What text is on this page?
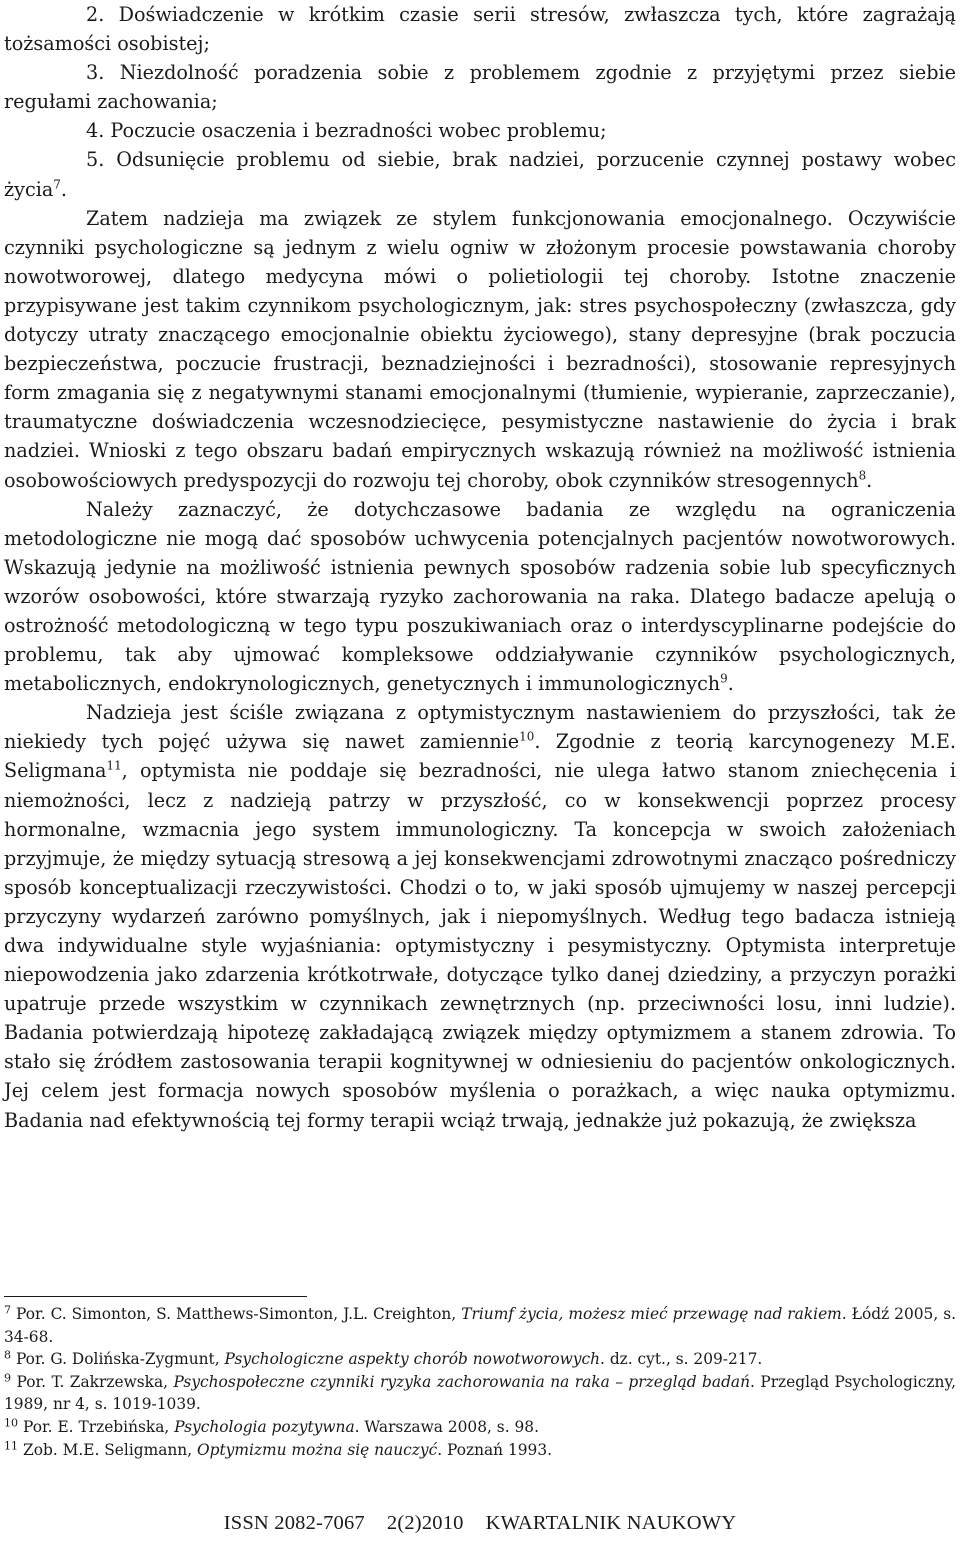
2. Doświadczenie w krótkim czasie serii stresów, zwłaszcza tych, które zagrażają tożsamości osobistej;

3. Niezdolność poradzenia sobie z problemem zgodnie z przyjętymi przez siebie regułami zachowania;

4. Poczucie osaczenia i bezradności wobec problemu;

5. Odsunięcie problemu od siebie, brak nadziei, porzucenie czynnej postawy wobec życia$^7$.

Zatem nadzieja ma związek ze stylem funkcjonowania emocjonalnego. Oczywiście czynniki psychologiczne są jednym z wielu ogniw w złożonym procesie powstawania choroby nowotworowej, dlatego medycyna mówi o polietiologii tej choroby. Istotne znaczenie przypisywane jest takim czynnikom psychologicznym, jak: stres psychospołeczny (zwłaszcza, gdy dotyczy utraty znaczącego emocjonalnie obiektu życiowego), stany depresyjne (brak poczucia bezpieczeństwa, poczucie frustracji, beznadziejności i bezradności), stosowanie represyjnych form zmagania się z negatywnymi stanami emocjonalnymi (tłumienie, wypieranie, zaprzeczanie), traumatyczne doświadczenia wczesnodziecięce, pesymistyczne nastawienie do życia i brak nadziei. Wnioski z tego obszaru badań empirycznych wskazują również na możliwość istnienia osobowościowych predyspozycji do rozwoju tej choroby, obok czynników stresogennych$^8$.

Należy zaznaczyć, że dotychczasowe badania ze względu na ograniczenia metodologiczne nie mogą dać sposobów uchwycenia potencjalnych pacjentów nowotworowych. Wskazują jedynie na możliwość istnienia pewnych sposobów radzenia sobie lub specyficznych wzorów osobowości, które stwarzają ryzyko zachorowania na raka. Dlatego badacze apelują o ostrożność metodologiczną w tego typu poszukiwaniach oraz o interdyscyplinarne podejście do problemu, tak aby ujmować kompleksowe oddziaływanie czynników psychologicznych, metabolicznych, endokrynologicznych, genetycznych i immunologicznych$^9$.

Nadzieja jest ściśle związana z optymistycznym nastawieniem do przyszłości, tak że niekiedy tych pojęć używa się nawet zamiennie$^{10}$. Zgodnie z teorią karcynogenezy M.E. Seligmana$^{11}$, optymista nie poddaje się bezradności, nie ulega łatwo stanom zniechęcenia i niemożności, lecz z nadzieją patrzy w przyszłość, co w konsekwencji poprzez procesy hormonalne, wzmacnia jego system immunologiczny. Ta koncepcja w swoich założeniach przyjmuje, że między sytuacją stresową a jej konsekwencjami zdrowotnymi znacząco pośredniczy sposób konceptualizacji rzeczywistości. Chodzi o to, w jaki sposób ujmujemy w naszej percepcji przyczyny wydarzeń zarówno pomyślnych, jak i niepomyślnych. Według tego badacza istnieją dwa indywidualne style wyjaśniania: optymistyczny i pesymistyczny. Optymista interpretuje niepowodzenia jako zdarzenia krótkotrwałe, dotyczące tylko danej dziedziny, a przyczyn porażki upatruje przede wszystkim w czynnikach zewnętrznych (np. przeciwności losu, inni ludzie). Badania potwierdzają hipotezę zakładającą związek między optymizmem a stanem zdrowia. To stało się źródłem zastosowania terapii kognitywnej w odniesieniu do pacjentów onkologicznych. Jej celem jest formacja nowych sposobów myślenia o porażkach, a więc nauka optymizmu. Badania nad efektywnością tej formy terapii wciąż trwają, jednakże już pokazują, że zwiększa

$^7$ Por. C. Simonton, S. Matthews-Simonton, J.L. Creighton, Triumf życia, możesz mieć przewagę nad rakiem. Łódź 2005, s. 34-68.

$^8$ Por. G. Dolińska-Zygmunt, Psychologiczne aspekty chorób nowotworowych. dz. cyt., s. 209-217.

$^9$ Por. T. Zakrzewska, Psychospołeczne czynniki ryzyka zachorowania na raka – przegląd badań. Przegląd Psychologiczny, 1989, nr 4, s. 1019-1039.

$^{10}$ Por. E. Trzebińska, Psychologia pozytywna. Warszawa 2008, s. 98.

$^{11}$ Zob. M.E. Seligmann, Optymizmu można się nauczyć. Poznań 1993.

ISSN 2082-7067 2(2)2010 KWARTALNIK NAUKOWY
